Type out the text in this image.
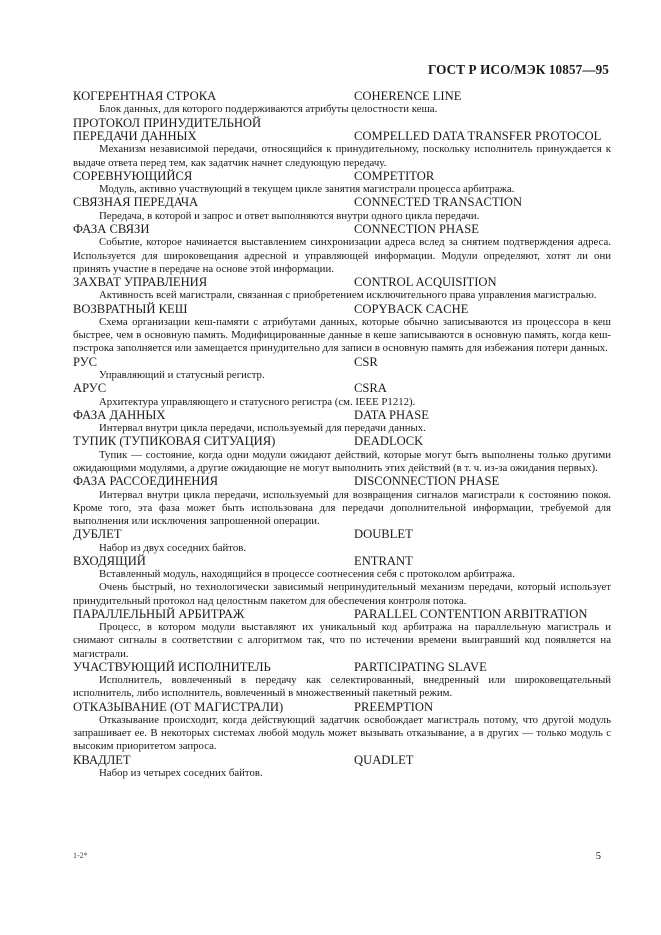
ГОСТ Р ИСО/МЭК 10857—95
КОГЕРЕНТНАЯ СТРОКА	COHERENCE LINE

Блок данных, для которого поддерживаются атрибуты целостности кеша.

ПРОТОКОЛ ПРИНУДИТЕЛЬНОЙ
ПЕРЕДАЧИ ДАННЫХ	COMPELLED DATA TRANSFER PROTOCOL

Механизм независимой передачи, относящийся к принудительному, поскольку исполнитель принуждается к выдаче ответа перед тем, как задатчик начнет следующую передачу.

СОРЕВНУЮЩИЙСЯ	COMPETITOR

Модуль, активно участвующий в текущем цикле занятия магистрали процесса арбитража.

СВЯЗНАЯ ПЕРЕДАЧА	CONNECTED TRANSACTION

Передача, в которой и запрос и ответ выполняются внутри одного цикла передачи.

ФАЗА СВЯЗИ	CONNECTION PHASE

Событие, которое начинается выставлением синхронизации адреса вслед за снятием подтверждения адреса. Используется для широковещания адресной и управляющей информации. Модули определяют, хотят ли они принять участие в передаче на основе этой информации.

ЗАХВАТ УПРАВЛЕНИЯ	CONTROL ACQUISITION

Активность всей магистрали, связанная с приобретением исключительного права управления магистралью.

ВОЗВРАТНЫЙ КЕШ	COPYBACK CACHE

Схема организации кеш-памяти с атрибутами данных, которые обычно записываются из процессора в кеш быстрее, чем в основную память. Модифицированные данные в кеше записываются в основную память, когда кеш-пэстрока заполняется или замещается принудительно для записи в основную память для избежания потери данных.

РУС	CSR

Управляющий и статусный регистр.

АРУС	CSRA

Архитектура управляющего и статусного регистра (см. IEEE P1212).

ФАЗА ДАННЫХ	DATA PHASE

Интервал внутри цикла передачи, используемый для передачи данных.

ТУПИК (ТУПИКОВАЯ СИТУАЦИЯ)	DEADLOCK

Тупик — состояние, когда одни модули ожидают действий, которые могут быть выполнены только другими ожидающими модулями, а другие ожидающие не могут выполнить этих действий (в т. ч. из-за ожидания первых).

ФАЗА РАССОЕДИНЕНИЯ	DISCONNECTION PHASE

Интервал внутри цикла передачи, используемый для возвращения сигналов магистрали к состоянию покоя. Кроме того, эта фаза может быть использована для передачи дополнительной информации, требуемой для выполнения или исключения запрошенной операции.

ДУБЛЕТ	DOUBLET

Набор из двух соседних байтов.

ВХОДЯЩИЙ	ENTRANT

Вставленный модуль, находящийся в процессе соотнесения себя с протоколом арбитража.

Очень быстрый, но технологически зависимый непринудительный механизм передачи, который использует принудительный протокол над целостным пакетом для обеспечения контроля потока.

ПАРАЛЛЕЛЬНЫЙ АРБИТРАЖ	PARALLEL CONTENTION ARBITRATION

Процесс, в котором модули выставляют их уникальный код арбитража на параллельную магистраль и снимают сигналы в соответствии с алгоритмом так, что по истечении времени выигравший код появляется на магистрали.

УЧАСТВУЮЩИЙ ИСПОЛНИТЕЛЬ	PARTICIPATING SLAVE

Исполнитель, вовлеченный в передачу как селектированный, внедренный или широковещательный исполнитель, либо исполнитель, вовлеченный в множественный пакетный режим.

ОТКАЗЫВАНИЕ (ОТ МАГИСТРАЛИ)	PREEMPTION

Отказывание происходит, когда действующий задатчик освобождает магистраль потому, что другой модуль запрашивает ее. В некоторых системах любой модуль может вызывать отказывание, а в других — только модуль с высоким приоритетом запроса.

КВАДЛЕТ	QUADLET

Набор из четырех соседних байтов.

1-2*	5
